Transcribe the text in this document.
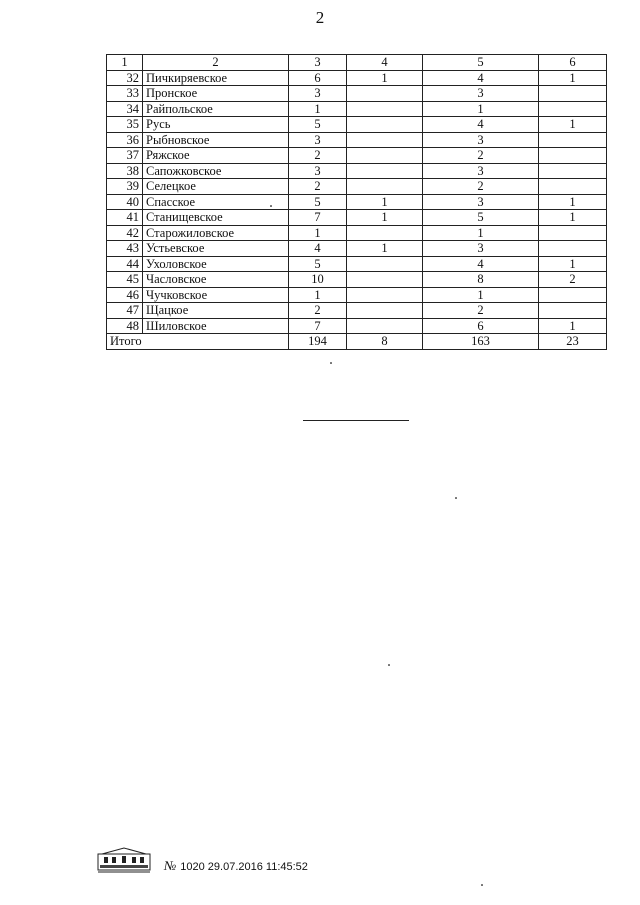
2
1	2	3	4	5	6
32	Пичкиряевское	6	1	4	1
33	Пронское	3		3	
34	Райпольское	1		1	
35	Русь	5		4	1
36	Рыбновское	3		3	
37	Ряжское	2		2	
38	Сапожковское	3		3	
39	Селецкое	2		2	
40	Спасское	5	1	3	1
41	Станищевское	7	1	5	1
42	Старожиловское	1		1	
43	Устьевское	4	1	3	
44	Ухоловское	5		4	1
45	Часловское	10		8	2
46	Чучковское	1		1	
47	Щацкое	2		2	
48	Шиловское	7		6	1
Итого		194	8	163	23
№ 1020 29.07.2016 11:45:52
